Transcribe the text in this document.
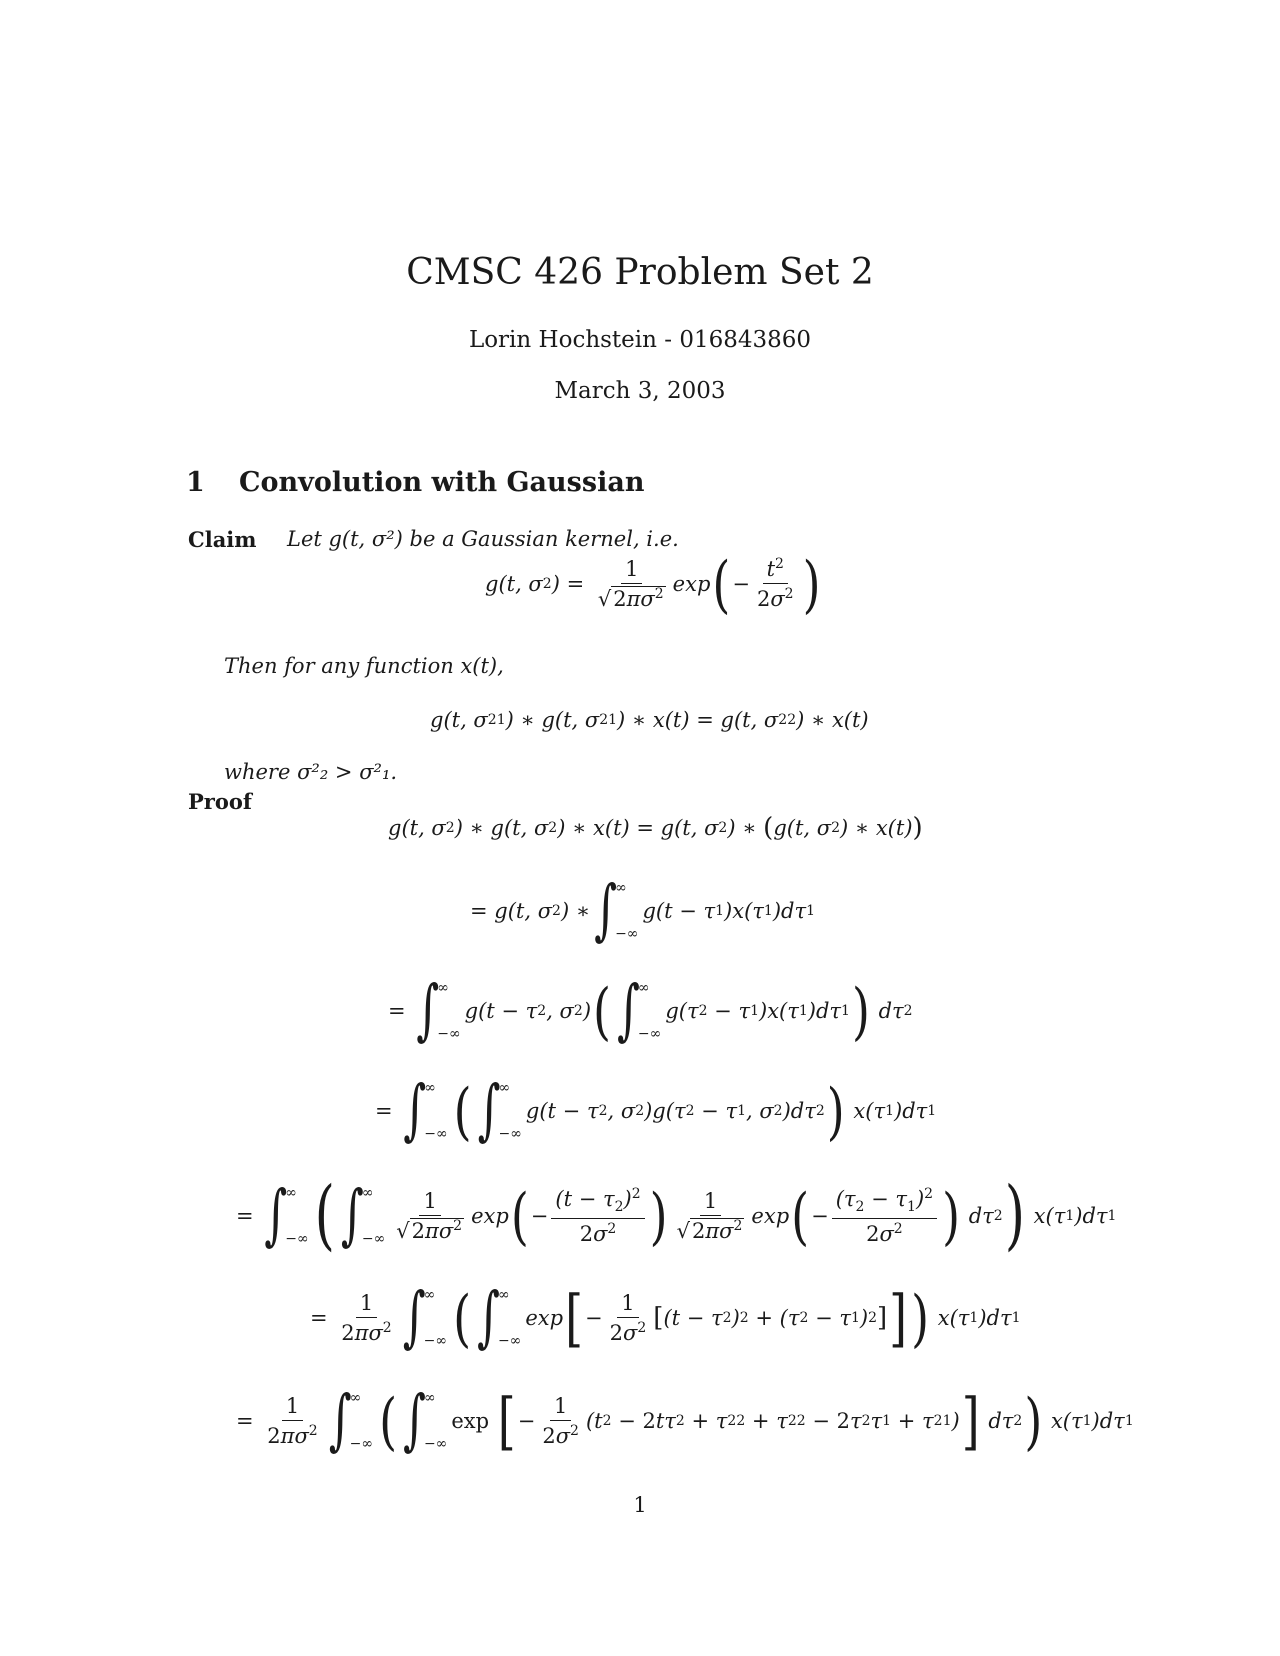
CMSC 426 Problem Set 2
Lorin Hochstein - 016843860
March 3, 2003
1 Convolution with Gaussian
Claim Let g(t, σ²) be a Gaussian kernel, i.e.
g(t, σ 2 ) = $\frac{1}{√2\pi\sigma^2}$ exp ( − $\frac{t^2}{2\sigma^2}$ )
Then for any function x(t),
g(t, σ 2 1 ) ∗ g(t, σ 2 1 ) ∗ x(t) = g(t, σ 2 2 ) ∗ x(t)
where σ²₂ > σ²₁.
Proof
g(t, σ 2 ) ∗ g(t, σ 2 ) ∗ x(t) = g(t, σ 2 ) ∗ ( g(t, σ 2 ) ∗ x(t) )
= g(t, σ 2 ) ∗ ∫
∞
−∞
g(t − τ 1 )x(τ 1 )dτ 1
= ∫
∞
−∞
g(t − τ 2 , σ 2 ) ( ∫
∞
−∞
g(τ 2 − τ 1 )x(τ 1 )dτ 1 ) dτ 2
= ∫
∞
−∞ ( ∫
∞
−∞
g(t − τ 2 , σ 2 )g(τ 2 − τ 1 , σ 2 )dτ 2 ) x(τ 1 )dτ 1
= ∫
∞
−∞ ( ∫
∞
−∞ $\frac{1}{√2\pi\sigma^2}$ exp ( − $\frac{(t - \tau_2)^2}{2\sigma^2}$ ) $\frac{1}{√2\pi\sigma^2}$ exp ( − $\frac{(\tau_2 - \tau_1)^2}{2\sigma^2}$ ) dτ 2 ) x(τ 1 )dτ 1
= $\frac{1}{2\pi\sigma^2}$ ∫
∞
−∞ ( ∫
∞
−∞
exp [ − $\frac{1}{2\sigma^2}$ [ (t − τ 2 ) 2 + (τ 2 − τ 1 ) 2 ] ] ) x(τ 1 )dτ 1
= $\frac{1}{2\pi\sigma^2}$ ∫
∞
−∞ ( ∫
∞
−∞
exp
[ − $\frac{1}{2\sigma^2} (t$ 2 − 2 tτ 2 + τ 2 2 + τ 2 2 − 2 τ 2 τ 1 + τ 2 1 ) ] dτ 2 ) x(τ 1 )dτ 1
1
